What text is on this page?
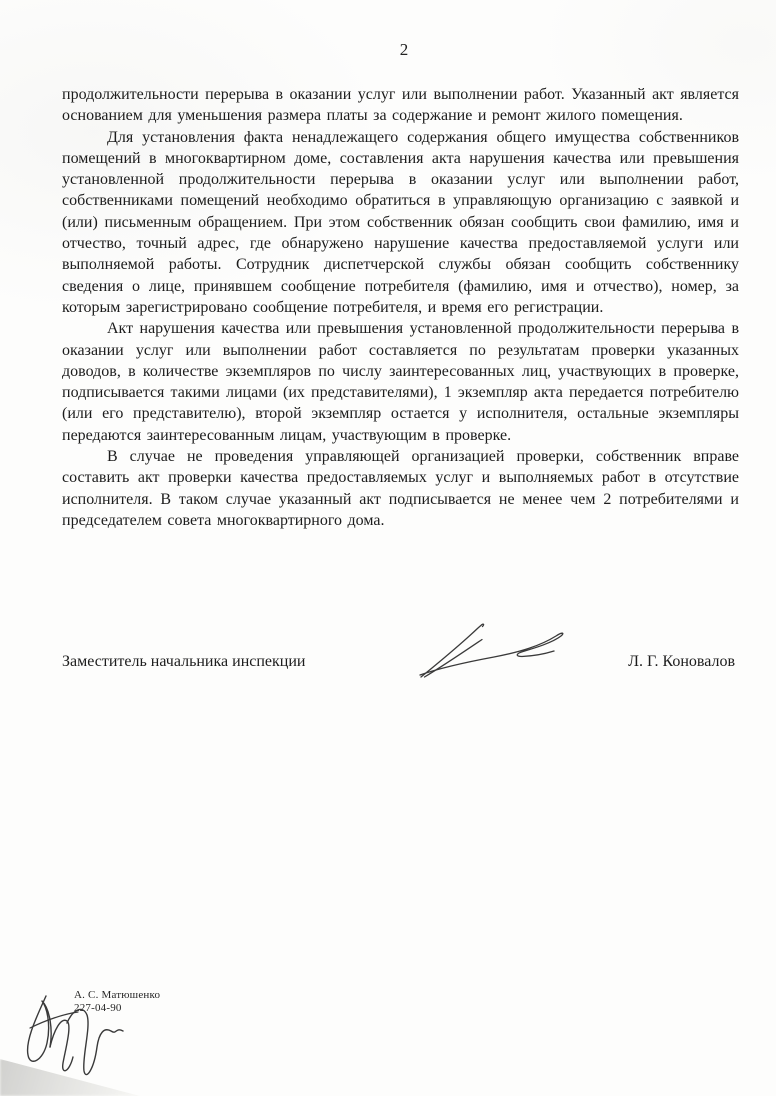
2

продолжительности перерыва в оказании услуг или выполнении работ. Указанный акт является основанием для уменьшения размера платы за содержание и ремонт жилого помещения.

Для установления факта ненадлежащего содержания общего имущества собственников помещений в многоквартирном доме, составления акта нарушения качества или превышения установленной продолжительности перерыва в оказании услуг или выполнении работ, собственниками помещений необходимо обратиться в управляющую организацию с заявкой и (или) письменным обращением. При этом собственник обязан сообщить свои фамилию, имя и отчество, точный адрес, где обнаружено нарушение качества предоставляемой услуги или выполняемой работы. Сотрудник диспетчерской службы обязан сообщить собственнику сведения о лице, принявшем сообщение потребителя (фамилию, имя и отчество), номер, за которым зарегистрировано сообщение потребителя, и время его регистрации.

Акт нарушения качества или превышения установленной продолжительности перерыва в оказании услуг или выполнении работ составляется по результатам проверки указанных доводов, в количестве экземпляров по числу заинтересованных лиц, участвующих в проверке, подписывается такими лицами (их представителями), 1 экземпляр акта передается потребителю (или его представителю), второй экземпляр остается у исполнителя, остальные экземпляры передаются заинтересованным лицам, участвующим в проверке.

В случае не проведения управляющей организацией проверки, собственник вправе составить акт проверки качества предоставляемых услуг и выполняемых работ в отсутствие исполнителя. В таком случае указанный акт подписывается не менее чем 2 потребителями и председателем совета многоквартирного дома.

Заместитель начальника инспекции	Л. Г. Коновалов
А. С. Матюшенко
227-04-90
